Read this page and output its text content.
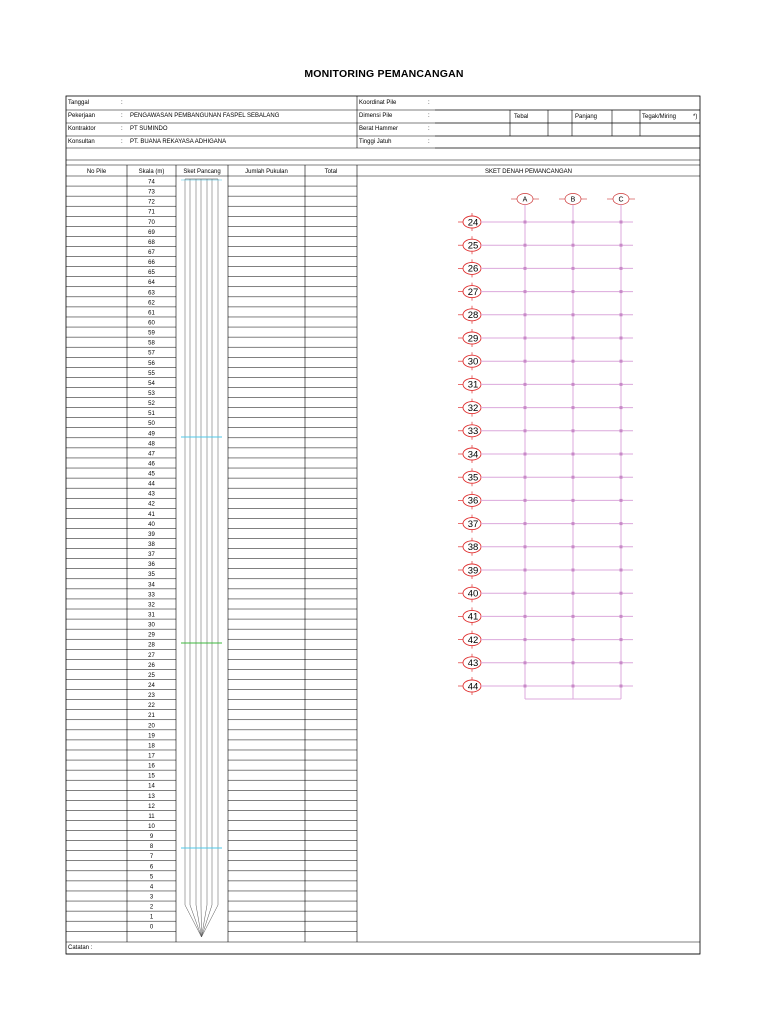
MONITORING PEMANCANGAN
Tanggal	:
Pekerjaan	: PENGAWASAN PEMBANGUNAN FASPEL SEBALANG
Kontraktor	: PT SUMINDO
Konsultan	: PT. BUANA REKAYASA ADHIGANA
Koordinat Pile	:
Dimensi Pile	:
Berat Hammer	:
Tinggi Jatuh	:
Tebal	Panjang	Tegak/Miring	*)
No Pile	Skala (m)	Sket Pancang	Jumlah Pukulan	Total	SKET DENAH PEMANCANGAN
74
73
72
71
70
69
68
67
66
65
64
63
62
61
60
59
58
57
56
55
54
53
52
51
50
49
48
47
46
45
44
43
42
41
40
39
38
37
36
35
34
33
32
31
30
29
28
27
26
25
24
23
22
21
20
19
18
17
16
15
14
13
12
11
10
9
8
7
6
5
4
3
2
1
0
Catatan :
A	B	C
24
25
26
27
28
29
30
31
32
33
34
35
36
37
38
39
40
41
42
43
44
